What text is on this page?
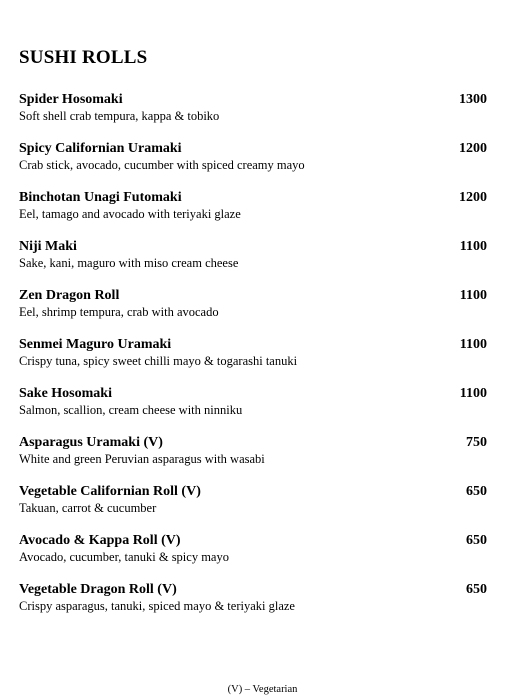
SUSHI ROLLS
Spider Hosomaki	1300
Soft shell crab tempura, kappa & tobiko
Spicy Californian Uramaki	1200
Crab stick, avocado, cucumber with spiced creamy mayo
Binchotan Unagi Futomaki	1200
Eel, tamago and avocado with teriyaki glaze
Niji Maki	1100
Sake, kani, maguro with miso cream cheese
Zen Dragon Roll	1100
Eel, shrimp tempura, crab with avocado
Senmei Maguro Uramaki	1100
Crispy tuna, spicy sweet chilli mayo & togarashi tanuki
Sake Hosomaki	1100
Salmon, scallion, cream cheese with ninniku
Asparagus Uramaki (V)	750
White and green Peruvian asparagus with wasabi
Vegetable Californian Roll (V)	650
Takuan, carrot & cucumber
Avocado & Kappa Roll (V)	650
Avocado, cucumber, tanuki & spicy mayo
Vegetable Dragon Roll (V)	650
Crispy asparagus, tanuki, spiced mayo & teriyaki glaze
(V) – Vegetarian
